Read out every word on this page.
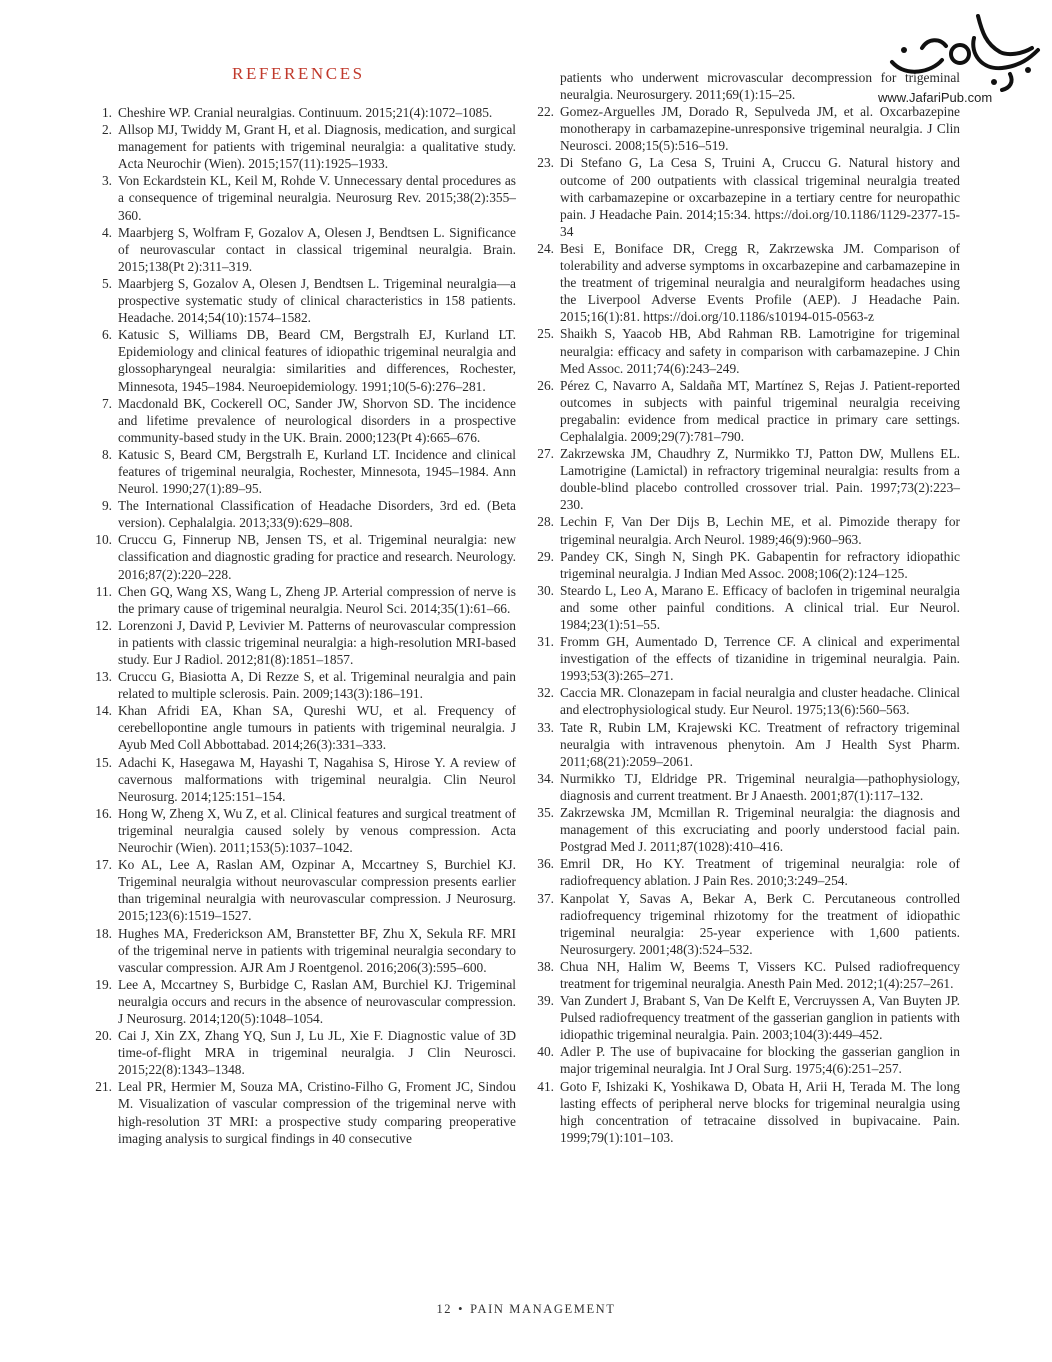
www.JafariPub.com
REFERENCES
1. Cheshire WP. Cranial neuralgias. Continuum. 2015;21(4):1072–1085.
2. Allsop MJ, Twiddy M, Grant H, et al. Diagnosis, medication, and surgical management for patients with trigeminal neuralgia: a qualitative study. Acta Neurochir (Wien). 2015;157(11):1925–1933.
3. Von Eckardstein KL, Keil M, Rohde V. Unnecessary dental procedures as a consequence of trigeminal neuralgia. Neurosurg Rev. 2015;38(2):355–360.
4. Maarbjerg S, Wolfram F, Gozalov A, Olesen J, Bendtsen L. Significance of neurovascular contact in classical trigeminal neuralgia. Brain. 2015;138(Pt 2):311–319.
5. Maarbjerg S, Gozalov A, Olesen J, Bendtsen L. Trigeminal neuralgia—a prospective systematic study of clinical characteristics in 158 patients. Headache. 2014;54(10):1574–1582.
6. Katusic S, Williams DB, Beard CM, Bergstralh EJ, Kurland LT. Epidemiology and clinical features of idiopathic trigeminal neuralgia and glossopharyngeal neuralgia: similarities and differences, Rochester, Minnesota, 1945–1984. Neuroepidemiology. 1991;10(5-6):276–281.
7. Macdonald BK, Cockerell OC, Sander JW, Shorvon SD. The incidence and lifetime prevalence of neurological disorders in a prospective community-based study in the UK. Brain. 2000;123(Pt 4):665–676.
8. Katusic S, Beard CM, Bergstralh E, Kurland LT. Incidence and clinical features of trigeminal neuralgia, Rochester, Minnesota, 1945–1984. Ann Neurol. 1990;27(1):89–95.
9. The International Classification of Headache Disorders, 3rd ed. (Beta version). Cephalalgia. 2013;33(9):629–808.
10. Cruccu G, Finnerup NB, Jensen TS, et al. Trigeminal neuralgia: new classification and diagnostic grading for practice and research. Neurology. 2016;87(2):220–228.
11. Chen GQ, Wang XS, Wang L, Zheng JP. Arterial compression of nerve is the primary cause of trigeminal neuralgia. Neurol Sci. 2014;35(1):61–66.
12. Lorenzoni J, David P, Levivier M. Patterns of neurovascular compression in patients with classic trigeminal neuralgia: a high-resolution MRI-based study. Eur J Radiol. 2012;81(8):1851–1857.
13. Cruccu G, Biasiotta A, Di Rezze S, et al. Trigeminal neuralgia and pain related to multiple sclerosis. Pain. 2009;143(3):186–191.
14. Khan Afridi EA, Khan SA, Qureshi WU, et al. Frequency of cerebellopontine angle tumours in patients with trigeminal neuralgia. J Ayub Med Coll Abbottabad. 2014;26(3):331–333.
15. Adachi K, Hasegawa M, Hayashi T, Nagahisa S, Hirose Y. A review of cavernous malformations with trigeminal neuralgia. Clin Neurol Neurosurg. 2014;125:151–154.
16. Hong W, Zheng X, Wu Z, et al. Clinical features and surgical treatment of trigeminal neuralgia caused solely by venous compression. Acta Neurochir (Wien). 2011;153(5):1037–1042.
17. Ko AL, Lee A, Raslan AM, Ozpinar A, Mccartney S, Burchiel KJ. Trigeminal neuralgia without neurovascular compression presents earlier than trigeminal neuralgia with neurovascular compression. J Neurosurg. 2015;123(6):1519–1527.
18. Hughes MA, Frederickson AM, Branstetter BF, Zhu X, Sekula RF. MRI of the trigeminal nerve in patients with trigeminal neuralgia secondary to vascular compression. AJR Am J Roentgenol. 2016;206(3):595–600.
19. Lee A, Mccartney S, Burbidge C, Raslan AM, Burchiel KJ. Trigeminal neuralgia occurs and recurs in the absence of neurovascular compression. J Neurosurg. 2014;120(5):1048–1054.
20. Cai J, Xin ZX, Zhang YQ, Sun J, Lu JL, Xie F. Diagnostic value of 3D time-of-flight MRA in trigeminal neuralgia. J Clin Neurosci. 2015;22(8):1343–1348.
21. Leal PR, Hermier M, Souza MA, Cristino-Filho G, Froment JC, Sindou M. Visualization of vascular compression of the trigeminal nerve with high-resolution 3T MRI: a prospective study comparing preoperative imaging analysis to surgical findings in 40 consecutive
patients who underwent microvascular decompression for trigeminal neuralgia. Neurosurgery. 2011;69(1):15–25.
22. Gomez-Arguelles JM, Dorado R, Sepulveda JM, et al. Oxcarbazepine monotherapy in carbamazepine-unresponsive trigeminal neuralgia. J Clin Neurosci. 2008;15(5):516–519.
23. Di Stefano G, La Cesa S, Truini A, Cruccu G. Natural history and outcome of 200 outpatients with classical trigeminal neuralgia treated with carbamazepine or oxcarbazepine in a tertiary centre for neuropathic pain. J Headache Pain. 2014;15:34. https://doi.org/10.1186/1129-2377-15-34
24. Besi E, Boniface DR, Cregg R, Zakrzewska JM. Comparison of tolerability and adverse symptoms in oxcarbazepine and carbamazepine in the treatment of trigeminal neuralgia and neuralgiform headaches using the Liverpool Adverse Events Profile (AEP). J Headache Pain. 2015;16(1):81. https://doi.org/10.1186/s10194-015-0563-z
25. Shaikh S, Yaacob HB, Abd Rahman RB. Lamotrigine for trigeminal neuralgia: efficacy and safety in comparison with carbamazepine. J Chin Med Assoc. 2011;74(6):243–249.
26. Pérez C, Navarro A, Saldaña MT, Martínez S, Rejas J. Patient-reported outcomes in subjects with painful trigeminal neuralgia receiving pregabalin: evidence from medical practice in primary care settings. Cephalalgia. 2009;29(7):781–790.
27. Zakrzewska JM, Chaudhry Z, Nurmikko TJ, Patton DW, Mullens EL. Lamotrigine (Lamictal) in refractory trigeminal neuralgia: results from a double-blind placebo controlled crossover trial. Pain. 1997;73(2):223–230.
28. Lechin F, Van Der Dijs B, Lechin ME, et al. Pimozide therapy for trigeminal neuralgia. Arch Neurol. 1989;46(9):960–963.
29. Pandey CK, Singh N, Singh PK. Gabapentin for refractory idiopathic trigeminal neuralgia. J Indian Med Assoc. 2008;106(2):124–125.
30. Steardo L, Leo A, Marano E. Efficacy of baclofen in trigeminal neuralgia and some other painful conditions. A clinical trial. Eur Neurol. 1984;23(1):51–55.
31. Fromm GH, Aumentado D, Terrence CF. A clinical and experimental investigation of the effects of tizanidine in trigeminal neuralgia. Pain. 1993;53(3):265–271.
32. Caccia MR. Clonazepam in facial neuralgia and cluster headache. Clinical and electrophysiological study. Eur Neurol. 1975;13(6):560–563.
33. Tate R, Rubin LM, Krajewski KC. Treatment of refractory trigeminal neuralgia with intravenous phenytoin. Am J Health Syst Pharm. 2011;68(21):2059–2061.
34. Nurmikko TJ, Eldridge PR. Trigeminal neuralgia—pathophysiology, diagnosis and current treatment. Br J Anaesth. 2001;87(1):117–132.
35. Zakrzewska JM, Mcmillan R. Trigeminal neuralgia: the diagnosis and management of this excruciating and poorly understood facial pain. Postgrad Med J. 2011;87(1028):410–416.
36. Emril DR, Ho KY. Treatment of trigeminal neuralgia: role of radiofrequency ablation. J Pain Res. 2010;3:249–254.
37. Kanpolat Y, Savas A, Bekar A, Berk C. Percutaneous controlled radiofrequency trigeminal rhizotomy for the treatment of idiopathic trigeminal neuralgia: 25-year experience with 1,600 patients. Neurosurgery. 2001;48(3):524–532.
38. Chua NH, Halim W, Beems T, Vissers KC. Pulsed radiofrequency treatment for trigeminal neuralgia. Anesth Pain Med. 2012;1(4):257–261.
39. Van Zundert J, Brabant S, Van De Kelft E, Vercruyssen A, Van Buyten JP. Pulsed radiofrequency treatment of the gasserian ganglion in patients with idiopathic trigeminal neuralgia. Pain. 2003;104(3):449–452.
40. Adler P. The use of bupivacaine for blocking the gasserian ganglion in major trigeminal neuralgia. Int J Oral Surg. 1975;4(6):251–257.
41. Goto F, Ishizaki K, Yoshikawa D, Obata H, Arii H, Terada M. The long lasting effects of peripheral nerve blocks for trigeminal neuralgia using high concentration of tetracaine dissolved in bupivacaine. Pain. 1999;79(1):101–103.
12 • PAIN MANAGEMENT
